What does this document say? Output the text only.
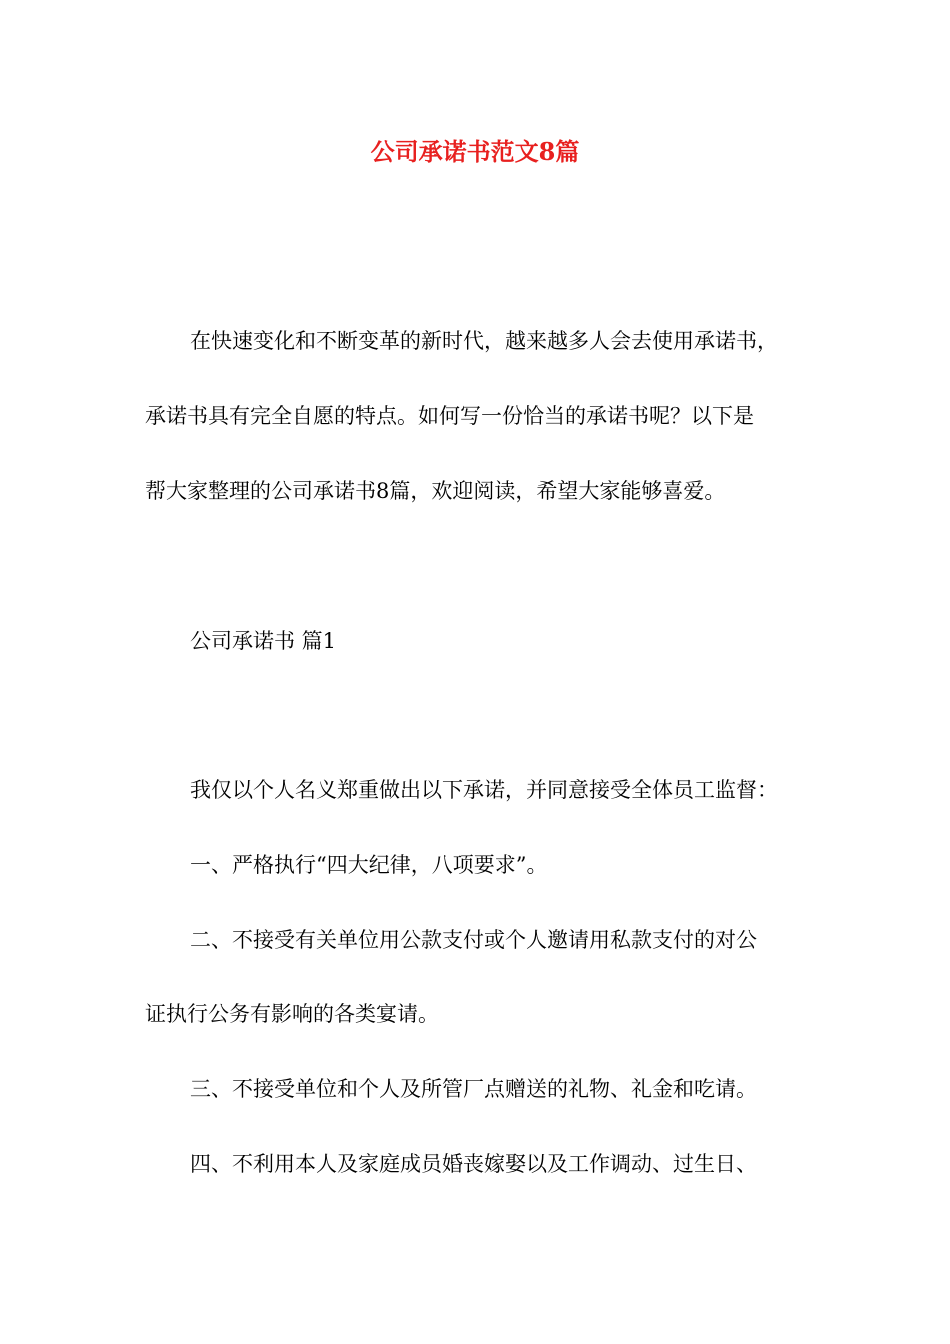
公司承诺书范文8篇

在快速变化和不断变革的新时代，越来越多人会去使用承诺书，

承诺书具有完全自愿的特点。如何写一份恰当的承诺书呢？以下是

帮大家整理的公司承诺书8篇，欢迎阅读，希望大家能够喜爱。

公司承诺书 篇1

我仅以个人名义郑重做出以下承诺，并同意接受全体员工监督：

一、严格执行“四大纪律，八项要求”。

二、不接受有关单位用公款支付或个人邀请用私款支付的对公

证执行公务有影响的各类宴请。

三、不接受单位和个人及所管厂点赠送的礼物、礼金和吃请。

四、不利用本人及家庭成员婚丧嫁娶以及工作调动、过生日、
